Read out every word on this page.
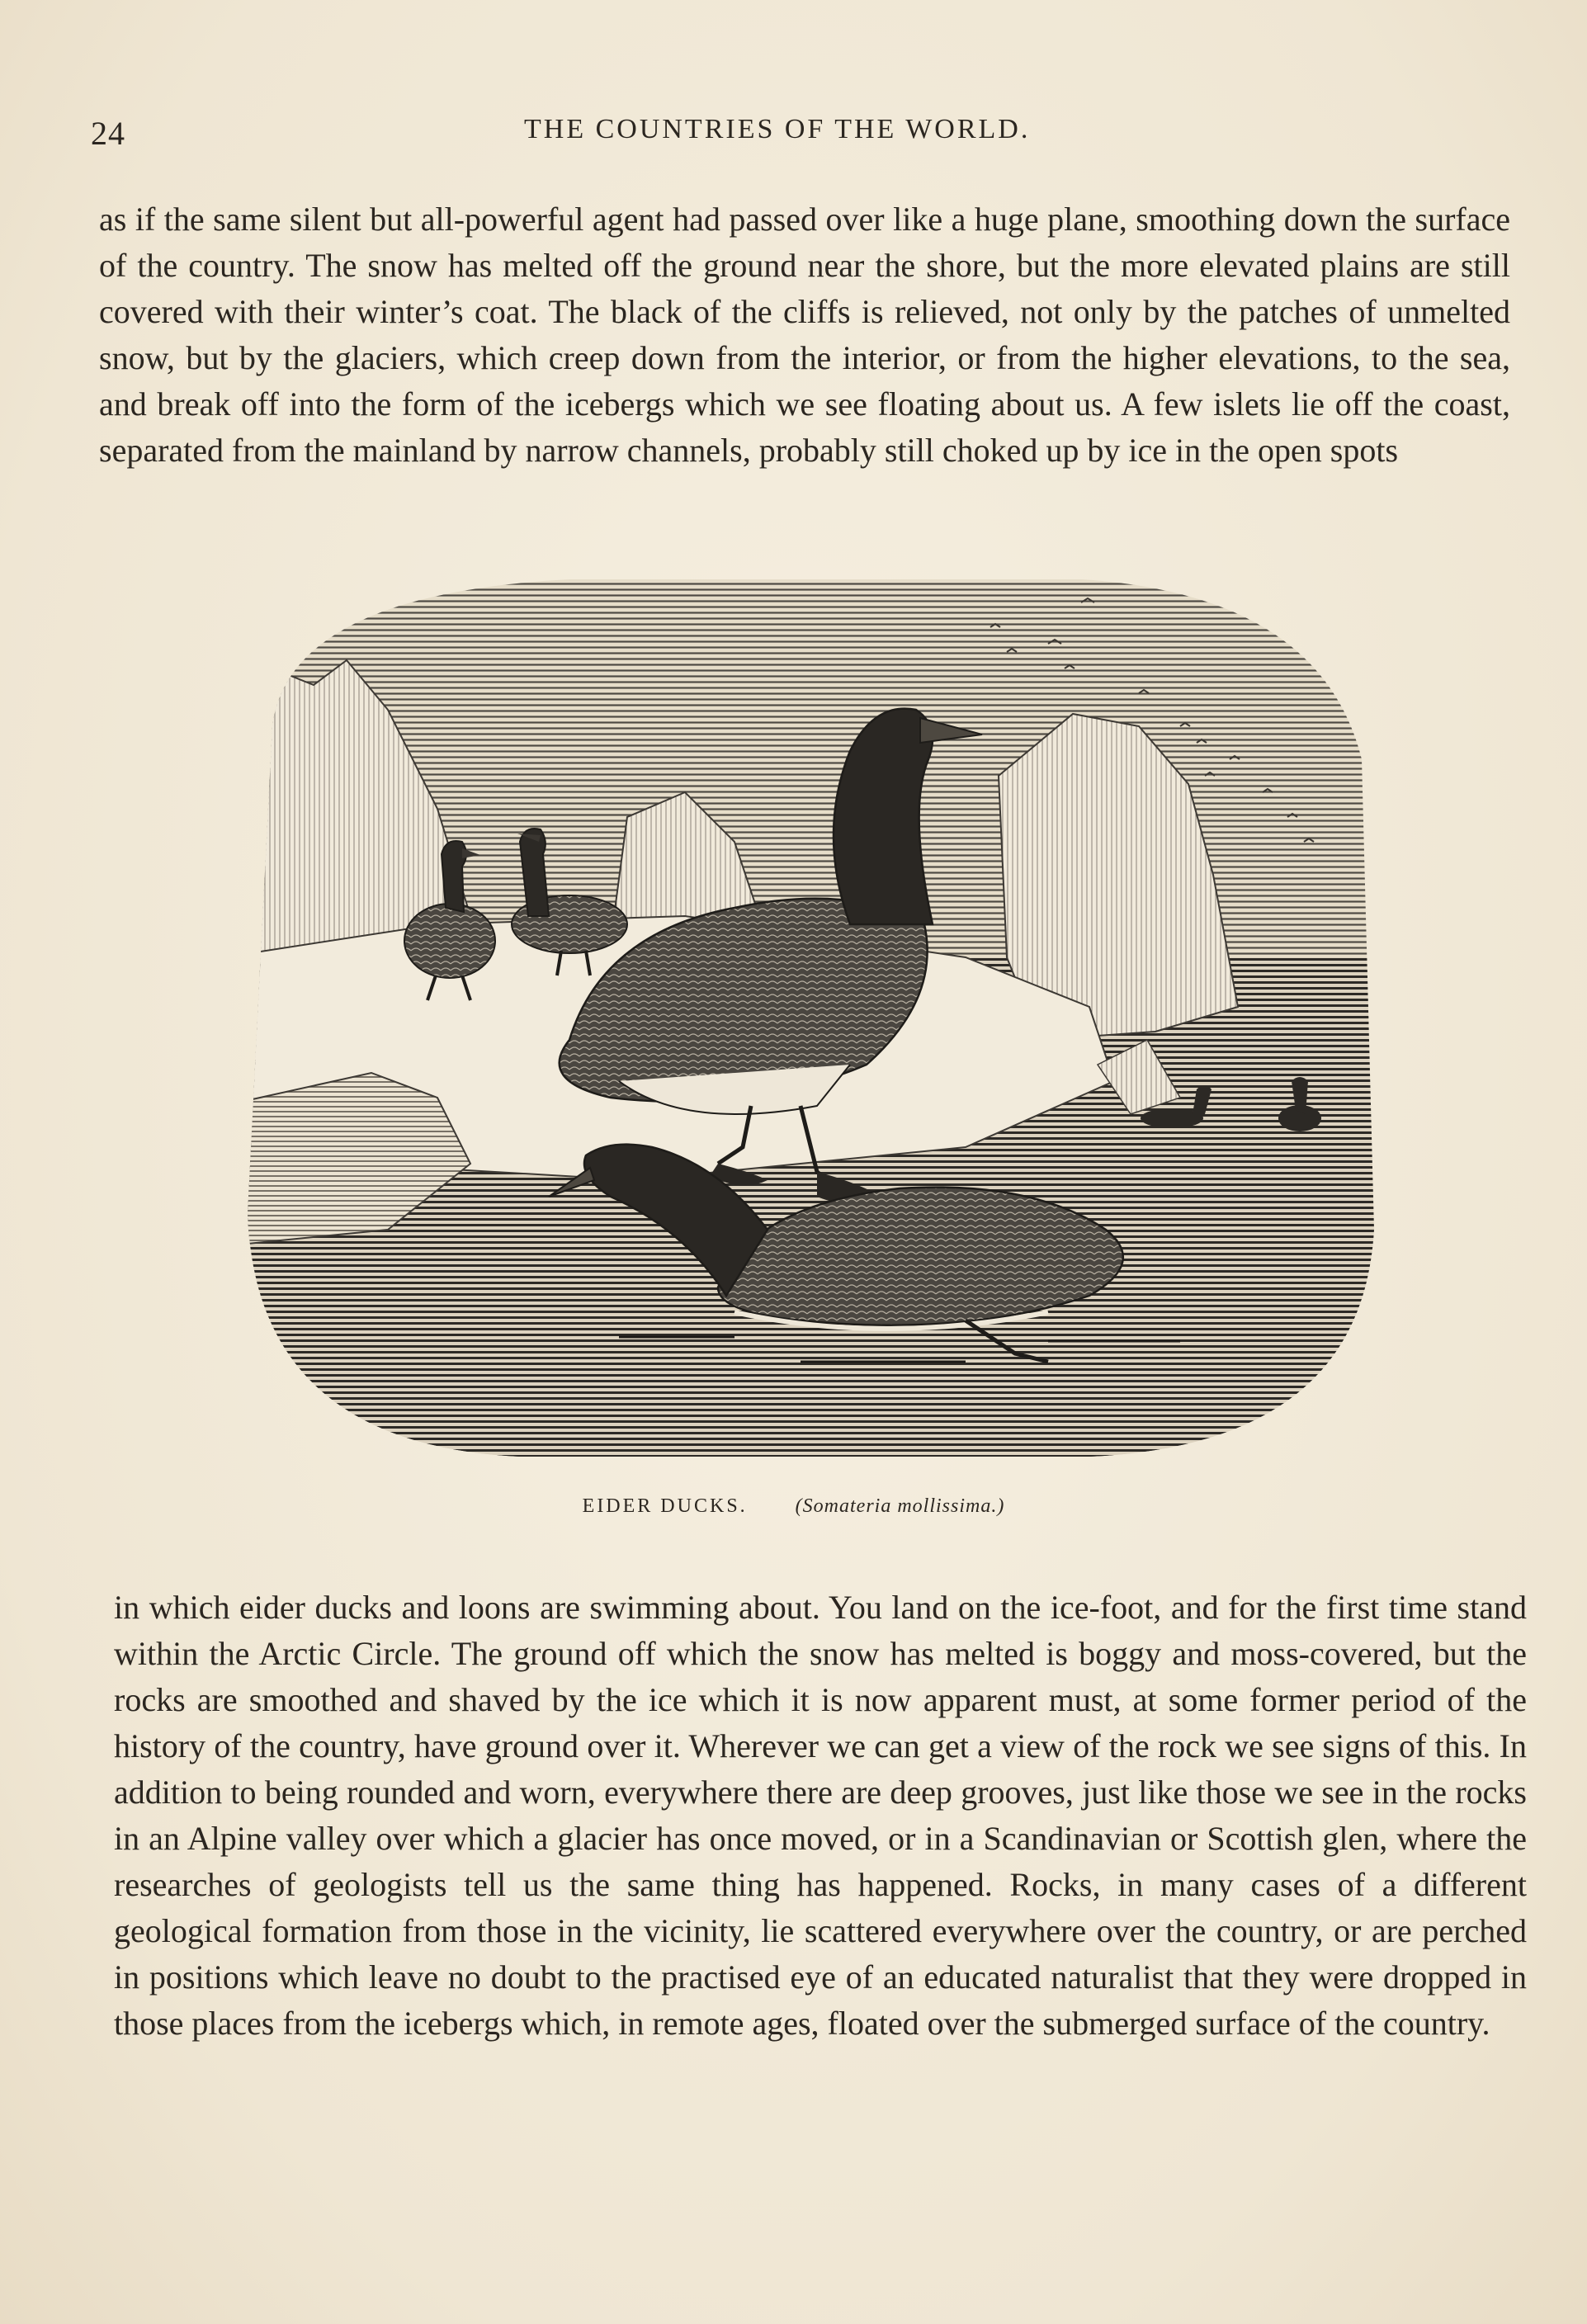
24	THE COUNTRIES OF THE WORLD.

as if the same silent but all-powerful agent had passed over like a huge plane, smoothing down the surface of the country. The snow has melted off the ground near the shore, but the more elevated plains are still covered with their winter’s coat. The black of the cliffs is relieved, not only by the patches of unmelted snow, but by the glaciers, which creep down from the interior, or from the higher elevations, to the sea, and break off into the form of the icebergs which we see floating about us. A few islets lie off the coast, separated from the mainland by narrow channels, probably still choked up by ice in the open spots

EIDER DUCKS. (Somateria mollissima.)

in which eider ducks and loons are swimming about. You land on the ice-foot, and for the first time stand within the Arctic Circle. The ground off which the snow has melted is boggy and moss-covered, but the rocks are smoothed and shaved by the ice which it is now apparent must, at some former period of the history of the country, have ground over it. Wherever we can get a view of the rock we see signs of this. In addition to being rounded and worn, everywhere there are deep grooves, just like those we see in the rocks in an Alpine valley over which a glacier has once moved, or in a Scandinavian or Scottish glen, where the researches of geologists tell us the same thing has happened. Rocks, in many cases of a different geological formation from those in the vicinity, lie scattered everywhere over the country, or are perched in positions which leave no doubt to the practised eye of an educated naturalist that they were dropped in those places from the icebergs which, in remote ages, floated over the submerged surface of the country.
